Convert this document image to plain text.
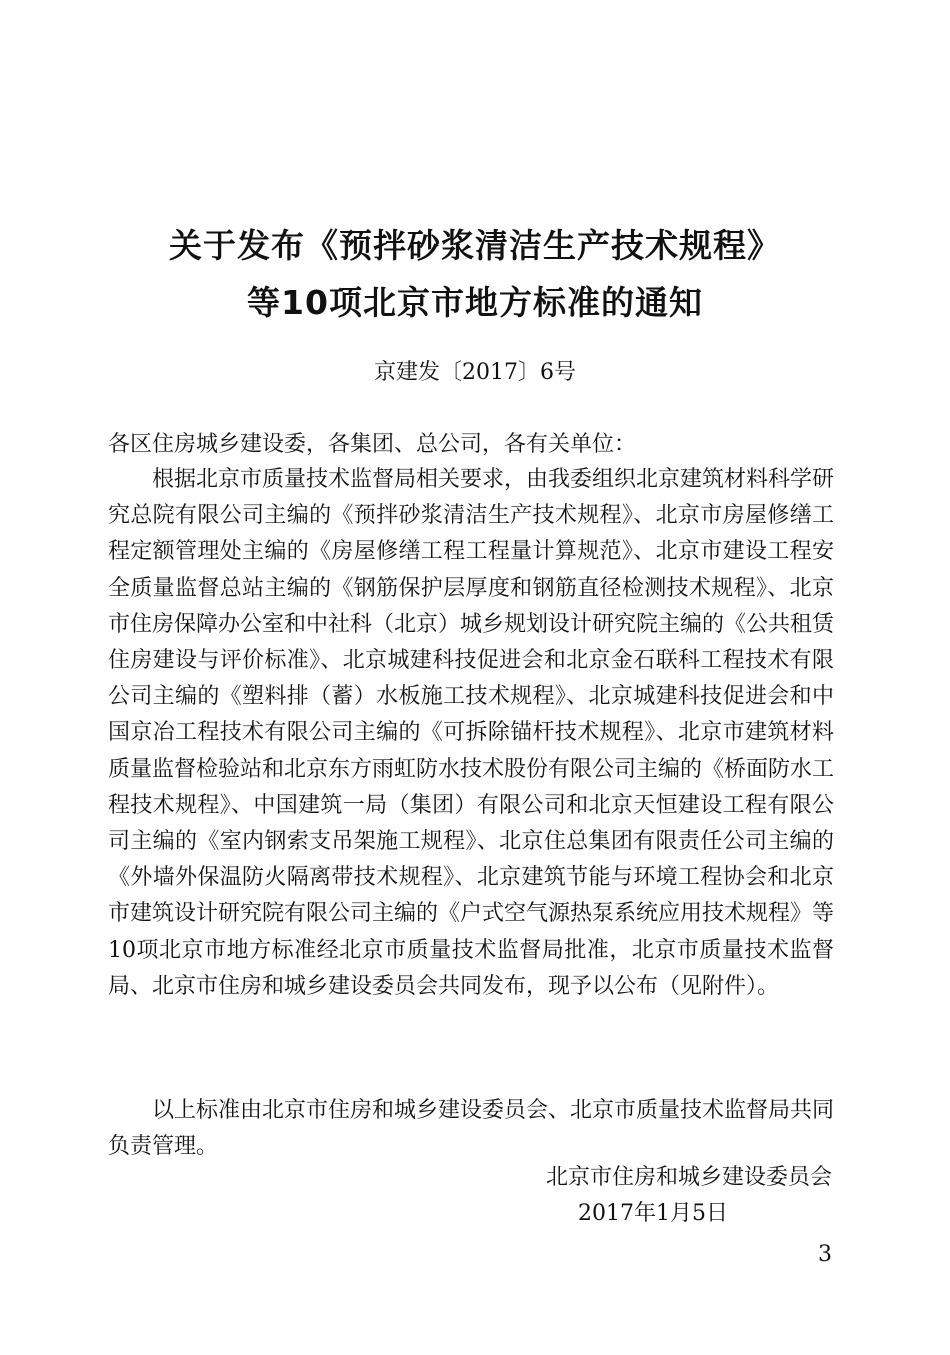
关于发布《预拌砂浆清洁生产技术规程》
等10项北京市地方标准的通知
京建发〔2017〕6号
各区住房城乡建设委，各集团、总公司，各有关单位：

根据北京市质量技术监督局相关要求，由我委组织北京建筑材料科学研究总院有限公司主编的《预拌砂浆清洁生产技术规程》、北京市房屋修缮工程定额管理处主编的《房屋修缮工程工程量计算规范》、北京市建设工程安全质量监督总站主编的《钢筋保护层厚度和钢筋直径检测技术规程》、北京市住房保障办公室和中社科（北京）城乡规划设计研究院主编的《公共租赁住房建设与评价标准》、北京城建科技促进会和北京金石联科工程技术有限公司主编的《塑料排（蓄）水板施工技术规程》、北京城建科技促进会和中国京冶工程技术有限公司主编的《可拆除锚杆技术规程》、北京市建筑材料质量监督检验站和北京东方雨虹防水技术股份有限公司主编的《桥面防水工程技术规程》、中国建筑一局（集团）有限公司和北京天恒建设工程有限公司主编的《室内钢索支吊架施工规程》、北京住总集团有限责任公司主编的《外墙外保温防火隔离带技术规程》、北京建筑节能与环境工程协会和北京市建筑设计研究院有限公司主编的《户式空气源热泵系统应用技术规程》等10项北京市地方标准经北京市质量技术监督局批准，北京市质量技术监督局、北京市住房和城乡建设委员会共同发布，现予以公布（见附件）。

以上标准由北京市住房和城乡建设委员会、北京市质量技术监督局共同负责管理。

北京市住房和城乡建设委员会
2017年1月5日
3
